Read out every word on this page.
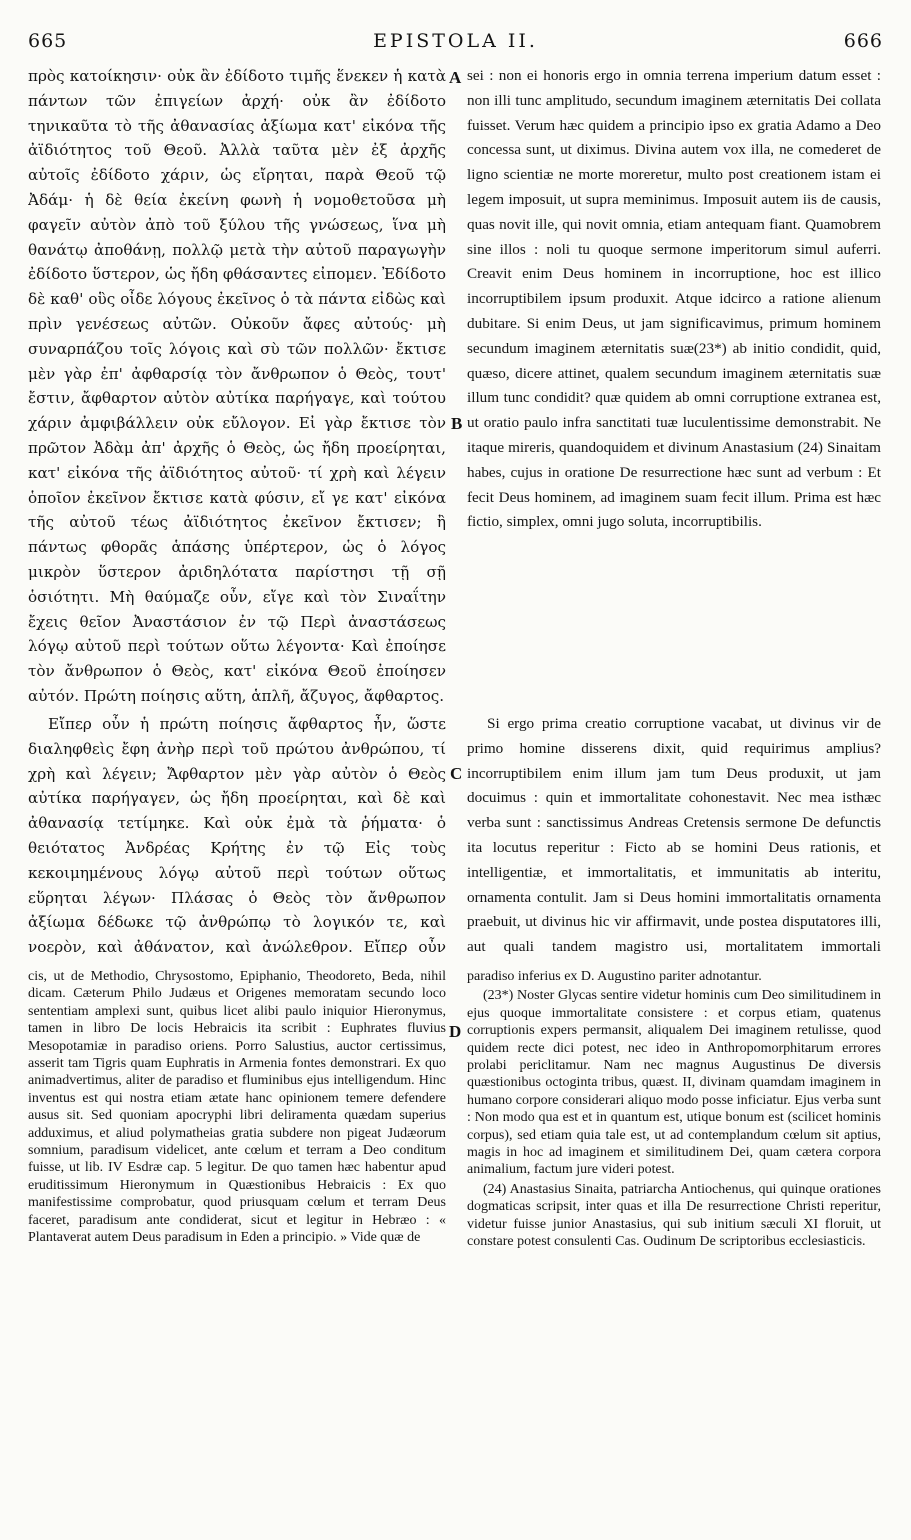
665	EPISTOLA II.	666

πρὸς κατοίκησιν· οὐκ ἂν ἐδίδοτο τιμῆς ἕνεκεν ἡ κατὰ πάντων τῶν ἐπιγείων ἀρχή· οὐκ ἂν ἐδίδοτο τηνικαῦτα τὸ τῆς ἀθανασίας ἀξίωμα κατ' εἰκόνα τῆς ἀϊδιότητος τοῦ Θεοῦ. Ἀλλὰ ταῦτα μὲν ἐξ ἀρχῆς αὐτοῖς ἐδίδοτο χάριν, ὡς εἴρηται, παρὰ Θεοῦ τῷ Ἀδάμ· ἡ δὲ θεία ἐκείνη φωνὴ ἡ νομοθετοῦσα μὴ φαγεῖν αὐτὸν ἀπὸ τοῦ ξύλου τῆς γνώσεως, ἵνα μὴ θανάτῳ ἀποθάνῃ, πολλῷ μετὰ τὴν αὐτοῦ παραγωγὴν ἐδίδοτο ὕστερον, ὡς ἤδη φθάσαντες εἰπομεν. Ἐδίδοτο δὲ καθ' οὓς οἶδε λόγους ἐκεῖνος ὁ τὰ πάντα εἰδὼς καὶ πρὶν γενέσεως αὐτῶν. Οὐκοῦν ἄφες αὐτούς· μὴ συναρπάζου τοῖς λόγοις καὶ σὺ τῶν πολλῶν· ἔκτισε μὲν γὰρ ἐπ' ἀφθαρσίᾳ τὸν ἄνθρωπον ὁ Θεὸς, τουτ' ἔστιν, ἄφθαρτον αὐτὸν αὐτίκα παρήγαγε, καὶ τούτου χάριν ἀμφιβάλλειν οὐκ εὔλογον. Εἰ γὰρ ἔκτισε τὸν πρῶτον Ἀδὰμ ἀπ' ἀρχῆς ὁ Θεὸς, ὡς ἤδη προείρηται, κατ' εἰκόνα τῆς ἀϊδιότητος αὐτοῦ· τί χρὴ καὶ λέγειν ὁποῖον ἐκεῖνον ἔκτισε κατὰ φύσιν, εἴ γε κατ' εἰκόνα τῆς αὐτοῦ τέως ἀϊδιότητος ἐκεῖνον ἔκτισεν; ἢ πάντως φθορᾶς ἁπάσης ὑπέρτερον, ὡς ὁ λόγος μικρὸν ὕστερον ἀριδηλότατα παρίστησι τῇ σῇ ὁσιότητι. Μὴ θαύμαζε οὖν, εἴγε καὶ τὸν Σιναΐτην ἔχεις θεῖον Ἀναστάσιον ἐν τῷ Περὶ ἀναστάσεως λόγῳ αὐτοῦ περὶ τούτων οὕτω λέγοντα· Καὶ ἐποίησε τὸν ἄνθρωπον ὁ Θεὸς, κατ' εἰκόνα Θεοῦ ἐποίησεν αὐτόν. Πρώτη ποίησις αὕτη, ἁπλῆ, ἄζυγος, ἄφθαρτος.

Εἴπερ οὖν ἡ πρώτη ποίησις ἄφθαρτος ἦν, ὥστε διαληφθεὶς ἔφη ἀνὴρ περὶ τοῦ πρώτου ἀνθρώπου, τί χρὴ καὶ λέγειν; Ἄφθαρτον μὲν γὰρ αὐτὸν ὁ Θεὸς αὐτίκα παρήγαγεν, ὡς ἤδη προείρηται, καὶ δὲ καὶ ἀθανασίᾳ τετίμηκε. Καὶ οὐκ ἐμὰ τὰ ῥήματα· ὁ θειότατος Ἀνδρέας Κρήτης ἐν τῷ Εἰς τοὺς κεκοιμημένους λόγῳ αὐτοῦ περὶ τούτων οὕτως εὕρηται λέγων· Πλάσας ὁ Θεὸς τὸν ἄνθρωπον ἀξίωμα δέδωκε τῷ ἀνθρώπῳ τὸ λογικόν τε, καὶ νοερὸν, καὶ ἀθάνατον, καὶ ἀνώλεθρον. Εἴπερ οὖν

sei : non ei honoris ergo in omnia terrena imperium datum esset : non illi tunc amplitudo, secundum imaginem æternitatis Dei collata fuisset. Verum hæc quidem a principio ipso ex gratia Adamo a Deo concessa sunt, ut diximus. Divina autem vox illa, ne comederet de ligno scientiæ ne morte moreretur, multo post creationem istam ei legem imposuit, ut supra meminimus. Imposuit autem iis de causis, quas novit ille, qui novit omnia, etiam antequam fiant. Quamobrem sine illos : noli tu quoque sermone imperitorum simul auferri. Creavit enim Deus hominem in incorruptione, hoc est illico incorruptibilem ipsum produxit. Atque idcirco a ratione alienum dubitare. Si enim Deus, ut jam significavimus, primum hominem secundum imaginem æternitatis suæ(23*) ab initio condidit, quid, quæso, dicere attinet, qualem secundum imaginem æternitatis suæ illum tunc condidit? quæ quidem ab omni corruptione extranea est, ut oratio paulo infra sanctitati tuæ luculentissime demonstrabit. Ne itaque mireris, quandoquidem et divinum Anastasium (24) Sinaitam habes, cujus in oratione De resurrectione hæc sunt ad verbum : Et fecit Deus hominem, ad imaginem suam fecit illum. Prima est hæc fictio, simplex, omni jugo soluta, incorruptibilis.

Si ergo prima creatio corruptione vacabat, ut divinus vir de primo homine disserens dixit, quid requirimus amplius? incorruptibilem enim illum jam tum Deus produxit, ut jam docuimus : quin et immortalitate cohonestavit. Nec mea isthæc verba sunt : sanctissimus Andreas Cretensis sermone De defunctis ita locutus reperitur : Ficto ab se homini Deus rationis, et intelligentiæ, et immortalitatis, et immunitatis ab interitu, ornamenta contulit. Jam si Deus homini immortalitatis ornamenta praebuit, ut divinus hic vir affirmavit, unde postea disputatores illi, aut quali tandem magistro usi, mortalitatem immortali

A
B
C
D

cis, ut de Methodio, Chrysostomo, Epiphanio, Theodoreto, Beda, nihil dicam. Cæterum Philo Judæus et Origenes memoratam secundo loco sententiam amplexi sunt, quibus licet alibi paulo iniquior Hieronymus, tamen in libro De locis Hebraicis ita scribit : Euphrates fluvius Mesopotamiæ in paradiso oriens. Porro Salustius, auctor certissimus, asserit tam Tigris quam Euphratis in Armenia fontes demonstrari. Ex quo animadvertimus, aliter de paradiso et fluminibus ejus intelligendum. Hinc inventus est qui nostra etiam ætate hanc opinionem temere defendere ausus sit. Sed quoniam apocryphi libri deliramenta quædam superius adduximus, et aliud polymatheias gratia subdere non pigeat Judæorum somnium, paradisum videlicet, ante cœlum et terram a Deo conditum fuisse, ut lib. IV Esdræ cap. 5 legitur. De quo tamen hæc habentur apud eruditissimum Hieronymum in Quæstionibus Hebraicis : Ex quo manifestissime comprobatur, quod priusquam cœlum et terram Deus faceret, paradisum ante condiderat, sicut et legitur in Hebræo : « Plantaverat autem Deus paradisum in Eden a principio. » Vide quæ de

paradiso inferius ex D. Augustino pariter adnotantur.

(23*) Noster Glycas sentire videtur hominis cum Deo similitudinem in ejus quoque immortalitate consistere : et corpus etiam, quatenus corruptionis expers permansit, aliqualem Dei imaginem retulisse, quod quidem recte dici potest, nec ideo in Anthropomorphitarum errores prolabi periclitamur. Nam nec magnus Augustinus De diversis quæstionibus octoginta tribus, quæst. II, divinam quamdam imaginem in humano corpore considerari aliquo modo posse inficiatur. Ejus verba sunt : Non modo qua est et in quantum est, utique bonum est (scilicet hominis corpus), sed etiam quia tale est, ut ad contemplandum cœlum sit aptius, magis in hoc ad imaginem et similitudinem Dei, quam cætera corpora animalium, factum jure videri potest.

(24) Anastasius Sinaita, patriarcha Antiochenus, qui quinque orationes dogmaticas scripsit, inter quas et illa De resurrectione Christi reperitur, videtur fuisse junior Anastasius, qui sub initium sæculi XI floruit, ut constare potest consulenti Cas. Oudinum De scriptoribus ecclesiasticis.
